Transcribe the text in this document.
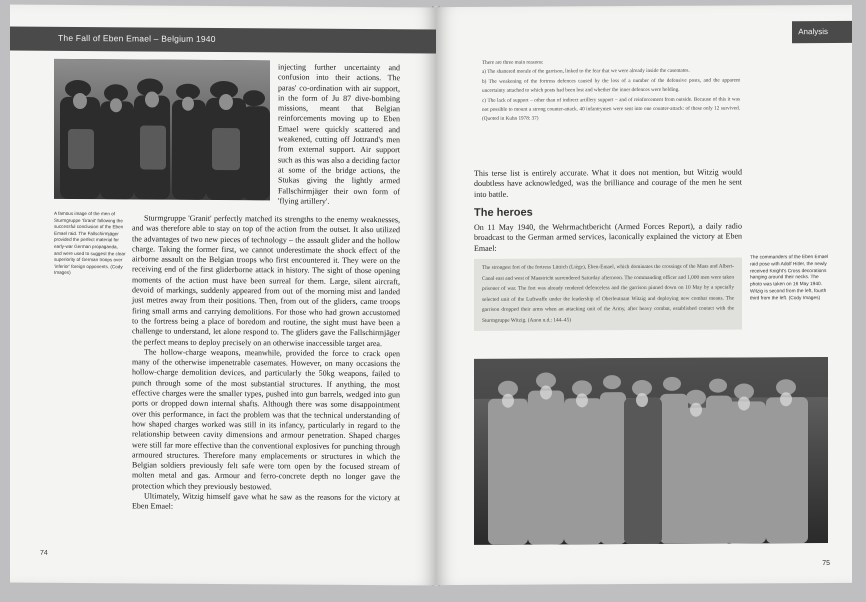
The Fall of Eben Emael – Belgium 1940

injecting further uncertainty and confusion into their actions. The paras' co-ordination with air support, in the form of Ju 87 dive-bombing missions, meant that Belgian reinforcements moving up to Eben Emael were quickly scattered and weakened, cutting off Jottrand's men from external support. Air support such as this was also a deciding factor at some of the bridge actions, the Stukas giving the lightly armed Fallschirmjäger their own form of 'flying artillery'.

A famous image of the men of Sturmgruppe 'Granit' following the successful conclusion of the Eben Emael raid. The Fallschirmjäger provided the perfect material for early-war German propaganda, and were used to suggest the clear superiority of German troops over 'inferior' foreign opponents. (Cody Images)

Sturmgruppe 'Granit' perfectly matched its strengths to the enemy weaknesses, and was therefore able to stay on top of the action from the outset. It also utilized the advantages of two new pieces of technology – the assault glider and the hollow charge. Taking the former first, we cannot underestimate the shock effect of the airborne assault on the Belgian troops who first encountered it. They were on the receiving end of the first gliderborne attack in history. The sight of those opening moments of the action must have been surreal for them. Large, silent aircraft, devoid of markings, suddenly appeared from out of the morning mist and landed just metres away from their positions. Then, from out of the gliders, came troops firing small arms and carrying demolitions. For those who had grown accustomed to the fortress being a place of boredom and routine, the sight must have been a challenge to understand, let alone respond to. The gliders gave the Fallschirmjäger the perfect means to deploy precisely on an otherwise inaccessible target area.

The hollow-charge weapons, meanwhile, provided the force to crack open many of the otherwise impenetrable casemates. However, on many occasions the hollow-charge demolition devices, and particularly the 50kg weapons, failed to punch through some of the most substantial structures. If anything, the most effective charges were the smaller types, pushed into gun barrels, wedged into gun ports or dropped down internal shafts. Although there was some disappointment over this performance, in fact the problem was that the technical understanding of how shaped charges worked was still in its infancy, particularly in regard to the relationship between cavity dimensions and armour penetration. Shaped charges were still far more effective than the conventional explosives for punching through armoured structures. Therefore many emplacements or structures in which the Belgian soldiers previously felt safe were torn open by the focused stream of molten metal and gas. Armour and ferro-concrete depth no longer gave the protection which they previously bestowed.

Ultimately, Witzig himself gave what he saw as the reasons for the victory at Eben Emael:

74
Analysis

There are three main reasons:

a) The shattered morale of the garrison, linked to the fear that we were already inside the casemates.

b) The weakening of the fortress defences caused by the loss of a number of the defensive posts, and the apparent uncertainty attached to which posts had been lost and whether the inner defences were holding.

c) The lack of support – other than of indirect artillery support – and of reinforcement from outside. Because of this it was not possible to mount a strong counter-attack. 40 infantrymen were sent into one counter-attack: of these only 12 survived. (Quoted in Kuhn 1978: 37)

This terse list is entirely accurate. What it does not mention, but Witzig would doubtless have acknowledged, was the brilliance and courage of the men he sent into battle.

The heroes

On 11 May 1940, the Wehrmachtbericht (Armed Forces Report), a daily radio broadcast to the German armed services, laconically explained the victory at Eben Emael:

The strongest fort of the fortress Lüttich (Liège), Eben-Emael, which dominates the crossings of the Maas and Albert-Canal east and west of Maastricht surrendered Saturday afternoon. The commanding officer and 1,000 men were taken prisoner of war. The fort was already rendered defenceless and the garrison pinned down on 10 May by a specially selected unit of the Luftwaffe under the leadership of Oberleutnant Witzig and deploying new combat means. The garrison dropped their arms when an attacking unit of the Army, after heavy combat, established contact with the Sturmgruppe Witzig. (Anon n.d.: 144–45)
The commanders of the Eben Emael raid pose with Adolf Hitler, the newly received Knight's Cross decorations hanging around their necks. The photo was taken on 16 May 1940. Witzig is second from the left, fourth third from the left. (Cody Images)
75
